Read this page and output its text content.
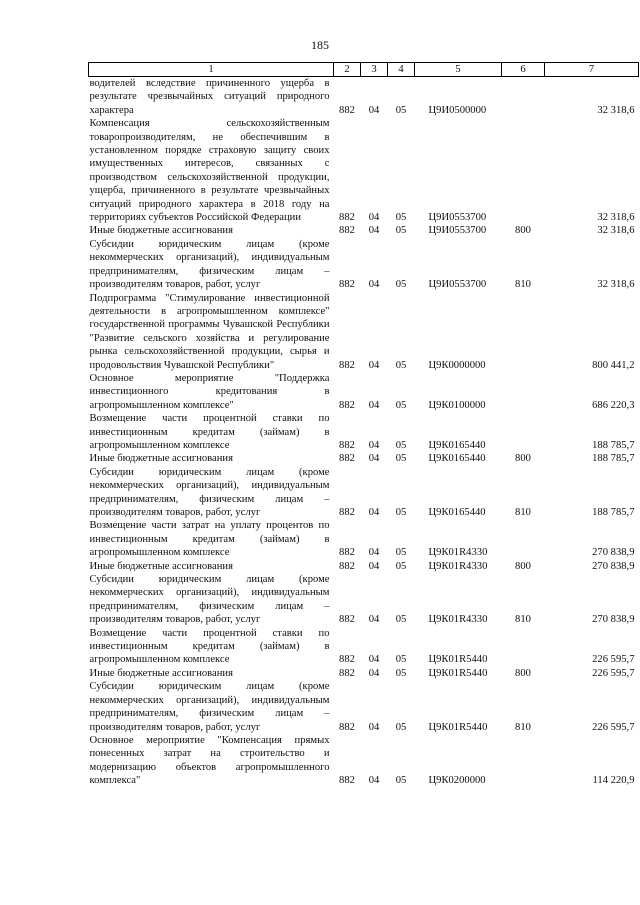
185
1	2	3	4	5	6	7
водителей вследствие причиненного ущерба в результате чрезвычайных ситуаций природного характера	882	04	05	Ц9И0500000		32 318,6
Компенсация сельскохозяйственным товаропроизводителям, не обеспечившим в установленном порядке страховую защиту своих имущественных интересов, связанных с производством сельскохозяйственной продукции, ущерба, причиненного в результате чрезвычайных ситуаций природного характера в 2018 году на территориях субъектов Российской Федерации	882	04	05	Ц9И0553700		32 318,6
Иные бюджетные ассигнования	882	04	05	Ц9И0553700	800	32 318,6
Субсидии юридическим лицам (кроме некоммерческих организаций), индивидуальным предпринимателям, физическим лицам – производителям товаров, работ, услуг	882	04	05	Ц9И0553700	810	32 318,6
Подпрограмма "Стимулирование инвестиционной деятельности в агропромышленном комплексе" государственной программы Чувашской Республики "Развитие сельского хозяйства и регулирование рынка сельскохозяйственной продукции, сырья и продовольствия Чувашской Республики"	882	04	05	Ц9К0000000		800 441,2
Основное мероприятие "Поддержка инвестиционного кредитования в агропромышленном комплексе"	882	04	05	Ц9К0100000		686 220,3
Возмещение части процентной ставки по инвестиционным кредитам (займам) в агропромышленном комплексе	882	04	05	Ц9К0165440		188 785,7
Иные бюджетные ассигнования	882	04	05	Ц9К0165440	800	188 785,7
Субсидии юридическим лицам (кроме некоммерческих организаций), индивидуальным предпринимателям, физическим лицам – производителям товаров, работ, услуг	882	04	05	Ц9К0165440	810	188 785,7
Возмещение части затрат на уплату процентов по инвестиционным кредитам (займам) в агропромышленном комплексе	882	04	05	Ц9К01R4330		270 838,9
Иные бюджетные ассигнования	882	04	05	Ц9К01R4330	800	270 838,9
Субсидии юридическим лицам (кроме некоммерческих организаций), индивидуальным предпринимателям, физическим лицам – производителям товаров, работ, услуг	882	04	05	Ц9К01R4330	810	270 838,9
Возмещение части процентной ставки по инвестиционным кредитам (займам) в агропромышленном комплексе	882	04	05	Ц9К01R5440		226 595,7
Иные бюджетные ассигнования	882	04	05	Ц9К01R5440	800	226 595,7
Субсидии юридическим лицам (кроме некоммерческих организаций), индивидуальным предпринимателям, физическим лицам – производителям товаров, работ, услуг	882	04	05	Ц9К01R5440	810	226 595,7
Основное мероприятие "Компенсация прямых понесенных затрат на строительство и модернизацию объектов агропромышленного комплекса"	882	04	05	Ц9К0200000		114 220,9
